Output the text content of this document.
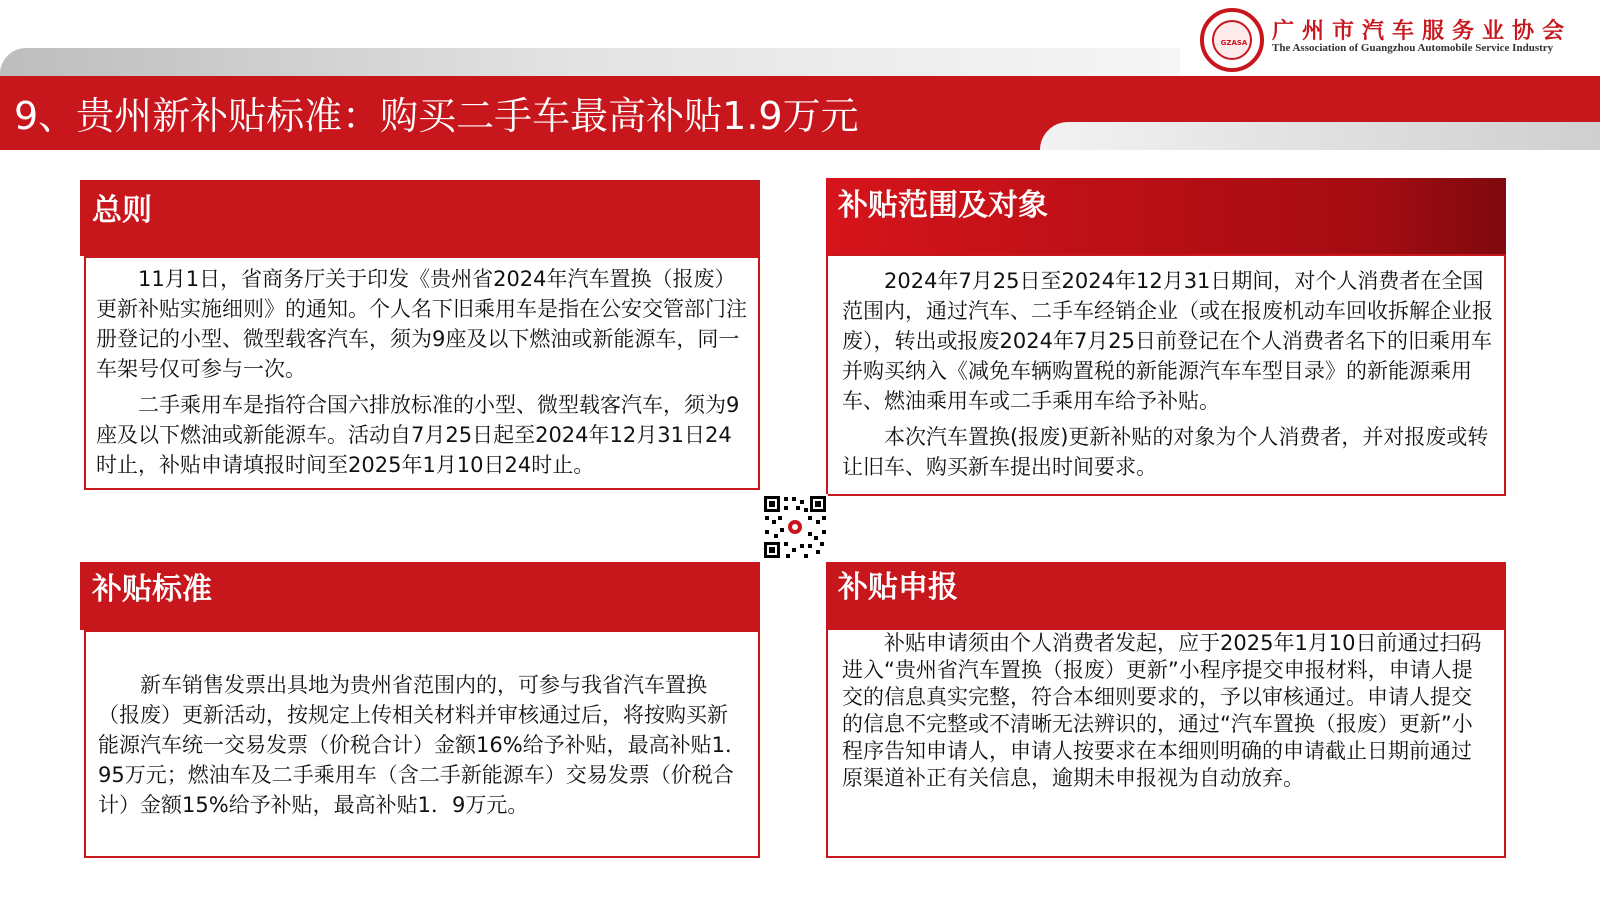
9、贵州新补贴标准：购买二手车最高补贴1.9万元
GZASA	广州市汽车服务业协会
The Association of Guangzhou Automobile Service Industry
总则

11月1日，省商务厅关于印发《贵州省2024年汽车置换（报废）更新补贴实施细则》的通知。个人名下旧乘用车是指在公安交管部门注册登记的小型、微型载客汽车，须为9座及以下燃油或新能源车，同一车架号仅可参与一次。

二手乘用车是指符合国六排放标准的小型、微型载客汽车，须为9座及以下燃油或新能源车。活动自7月25日起至2024年12月31日24时止，补贴申请填报时间至2025年1月10日24时止。

补贴范围及对象

2024年7月25日至2024年12月31日期间，对个人消费者在全国范围内，通过汽车、二手车经销企业（或在报废机动车回收拆解企业报废），转出或报废2024年7月25日前登记在个人消费者名下的旧乘用车并购买纳入《减免车辆购置税的新能源汽车车型目录》的新能源乘用车、燃油乘用车或二手乘用车给予补贴。

本次汽车置换(报废)更新补贴的对象为个人消费者，并对报废或转让旧车、购买新车提出时间要求。

补贴标准

新车销售发票出具地为贵州省范围内的，可参与我省汽车置换（报废）更新活动，按规定上传相关材料并审核通过后，将按购买新能源汽车统一交易发票（价税合计）金额16%给予补贴，最高补贴1．95万元；燃油车及二手乘用车（含二手新能源车）交易发票（价税合计）金额15%给予补贴，最高补贴1．9万元。

补贴申报

补贴申请须由个人消费者发起，应于2025年1月10日前通过扫码进入“贵州省汽车置换（报废）更新”小程序提交申报材料，申请人提交的信息真实完整，符合本细则要求的，予以审核通过。申请人提交的信息不完整或不清晰无法辨识的，通过“汽车置换（报废）更新”小程序告知申请人，申请人按要求在本细则明确的申请截止日期前通过原渠道补正有关信息，逾期未申报视为自动放弃。
